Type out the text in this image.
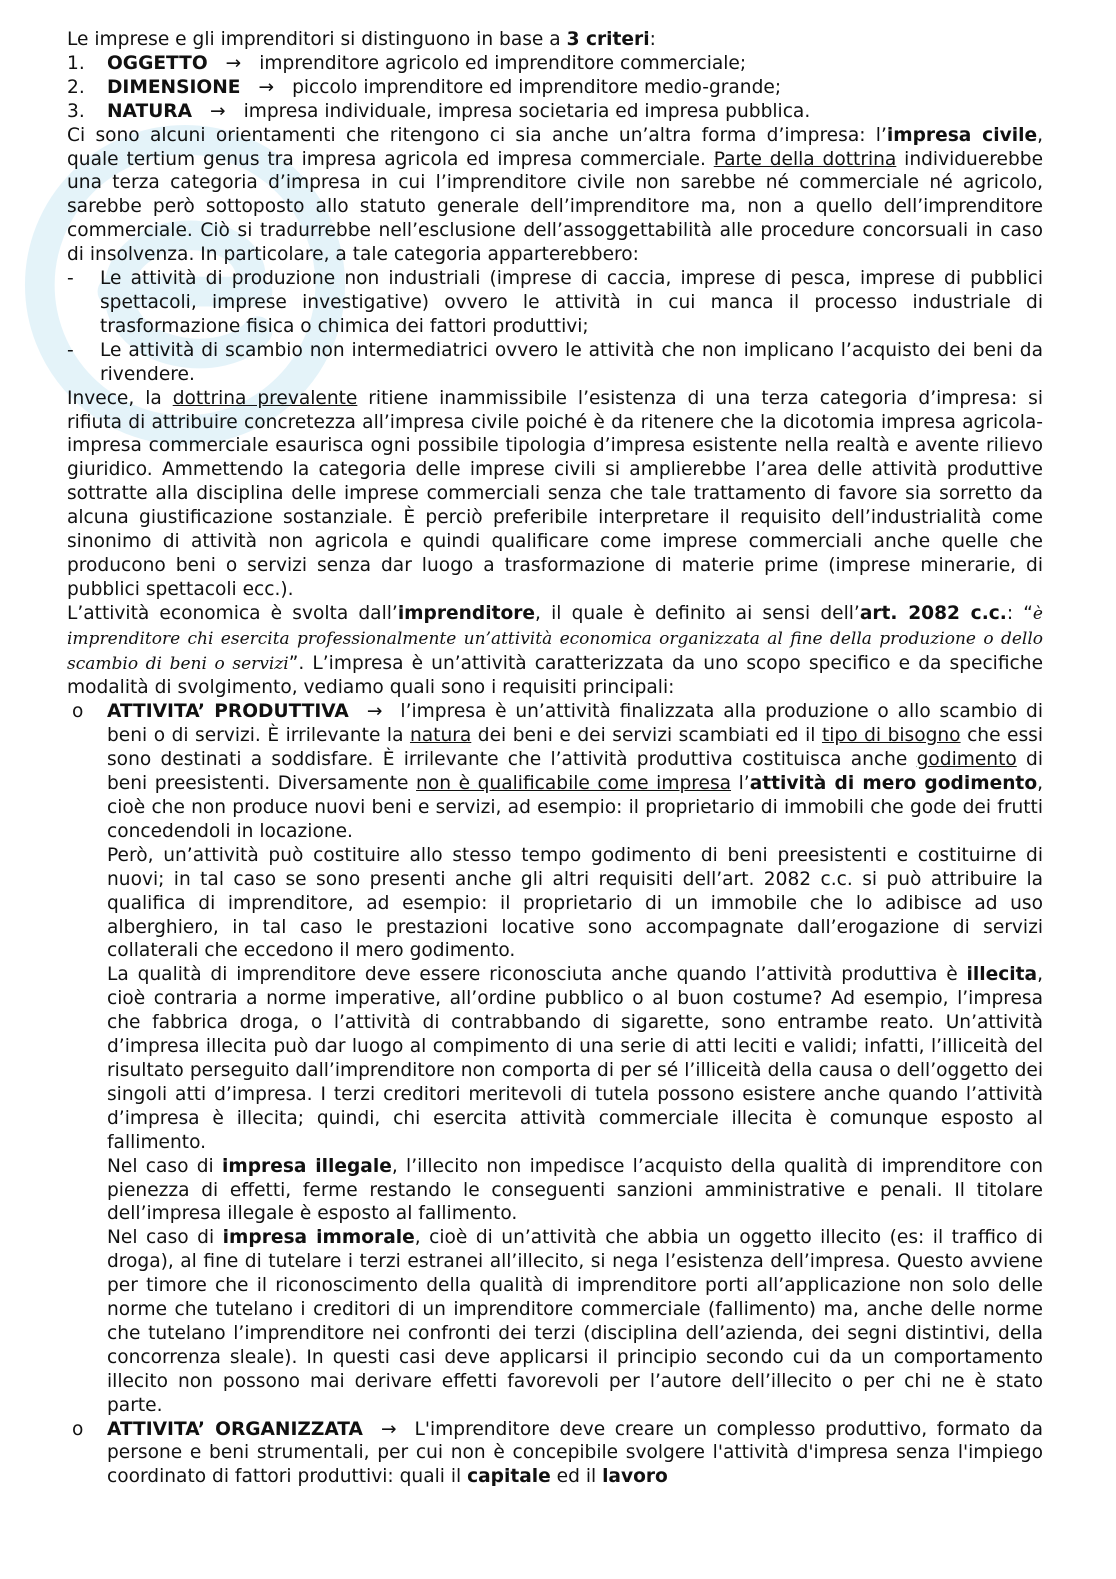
Le imprese e gli imprenditori si distinguono in base a 3 criteri:

1.	OGGETTO → imprenditore agricolo ed imprenditore commerciale;
2.	DIMENSIONE → piccolo imprenditore ed imprenditore medio-grande;
3.	NATURA → impresa individuale, impresa societaria ed impresa pubblica.

Ci sono alcuni orientamenti che ritengono ci sia anche un’altra forma d’impresa: l’impresa civile, quale tertium genus tra impresa agricola ed impresa commerciale. Parte della dottrina individuerebbe una terza categoria d’impresa in cui l’imprenditore civile non sarebbe né commerciale né agricolo, sarebbe però sottoposto allo statuto generale dell’imprenditore ma, non a quello dell’imprenditore commerciale. Ciò si tradurrebbe nell’esclusione dell’assoggettabilità alle procedure concorsuali in caso di insolvenza. In particolare, a tale categoria apparterebbero:

-	Le attività di produzione non industriali (imprese di caccia, imprese di pesca, imprese di pubblici spettacoli, imprese investigative) ovvero le attività in cui manca il processo industriale di trasformazione fisica o chimica dei fattori produttivi;
-	Le attività di scambio non intermediatrici ovvero le attività che non implicano l’acquisto dei beni da rivendere.

Invece, la dottrina prevalente ritiene inammissibile l’esistenza di una terza categoria d’impresa: si rifiuta di attribuire concretezza all’impresa civile poiché è da ritenere che la dicotomia impresa agricola-impresa commerciale esaurisca ogni possibile tipologia d’impresa esistente nella realtà e avente rilievo giuridico. Ammettendo la categoria delle imprese civili si amplierebbe l’area delle attività produttive sottratte alla disciplina delle imprese commerciali senza che tale trattamento di favore sia sorretto da alcuna giustificazione sostanziale. È perciò preferibile interpretare il requisito dell’industrialità come sinonimo di attività non agricola e quindi qualificare come imprese commerciali anche quelle che producono beni o servizi senza dar luogo a trasformazione di materie prime (imprese minerarie, di pubblici spettacoli ecc.).

L’attività economica è svolta dall’imprenditore, il quale è definito ai sensi dell’art. 2082 c.c.: “è imprenditore chi esercita professionalmente un’attività economica organizzata al fine della produzione o dello scambio di beni o servizi”. L’impresa è un’attività caratterizzata da uno scopo specifico e da specifiche modalità di svolgimento, vediamo quali sono i requisiti principali:

o	ATTIVITA’ PRODUTTIVA → l’impresa è un’attività finalizzata alla produzione o allo scambio di beni o di servizi. È irrilevante la natura dei beni e dei servizi scambiati ed il tipo di bisogno che essi sono destinati a soddisfare. È irrilevante che l’attività produttiva costituisca anche godimento di beni preesistenti. Diversamente non è qualificabile come impresa l’attività di mero godimento, cioè che non produce nuovi beni e servizi, ad esempio: il proprietario di immobili che gode dei frutti concedendoli in locazione.

Però, un’attività può costituire allo stesso tempo godimento di beni preesistenti e costituirne di nuovi; in tal caso se sono presenti anche gli altri requisiti dell’art. 2082 c.c. si può attribuire la qualifica di imprenditore, ad esempio: il proprietario di un immobile che lo adibisce ad uso alberghiero, in tal caso le prestazioni locative sono accompagnate dall’erogazione di servizi collaterali che eccedono il mero godimento.

La qualità di imprenditore deve essere riconosciuta anche quando l’attività produttiva è illecita, cioè contraria a norme imperative, all’ordine pubblico o al buon costume? Ad esempio, l’impresa che fabbrica droga, o l’attività di contrabbando di sigarette, sono entrambe reato. Un’attività d’impresa illecita può dar luogo al compimento di una serie di atti leciti e validi; infatti, l’illiceità del risultato perseguito dall’imprenditore non comporta di per sé l’illiceità della causa o dell’oggetto dei singoli atti d’impresa. I terzi creditori meritevoli di tutela possono esistere anche quando l’attività d’impresa è illecita; quindi, chi esercita attività commerciale illecita è comunque esposto al fallimento.

Nel caso di impresa illegale, l’illecito non impedisce l’acquisto della qualità di imprenditore con pienezza di effetti, ferme restando le conseguenti sanzioni amministrative e penali. Il titolare dell’impresa illegale è esposto al fallimento.

Nel caso di impresa immorale, cioè di un’attività che abbia un oggetto illecito (es: il traffico di droga), al fine di tutelare i terzi estranei all’illecito, si nega l’esistenza dell’impresa. Questo avviene per timore che il riconoscimento della qualità di imprenditore porti all’applicazione non solo delle norme che tutelano i creditori di un imprenditore commerciale (fallimento) ma, anche delle norme che tutelano l’imprenditore nei confronti dei terzi (disciplina dell’azienda, dei segni distintivi, della concorrenza sleale). In questi casi deve applicarsi il principio secondo cui da un comportamento illecito non possono mai derivare effetti favorevoli per l’autore dell’illecito o per chi ne è stato parte.

o	ATTIVITA’ ORGANIZZATA → L'imprenditore deve creare un complesso produttivo, formato da persone e beni strumentali, per cui non è concepibile svolgere l'attività d'impresa senza l'impiego coordinato di fattori produttivi: quali il capitale ed il lavoro
